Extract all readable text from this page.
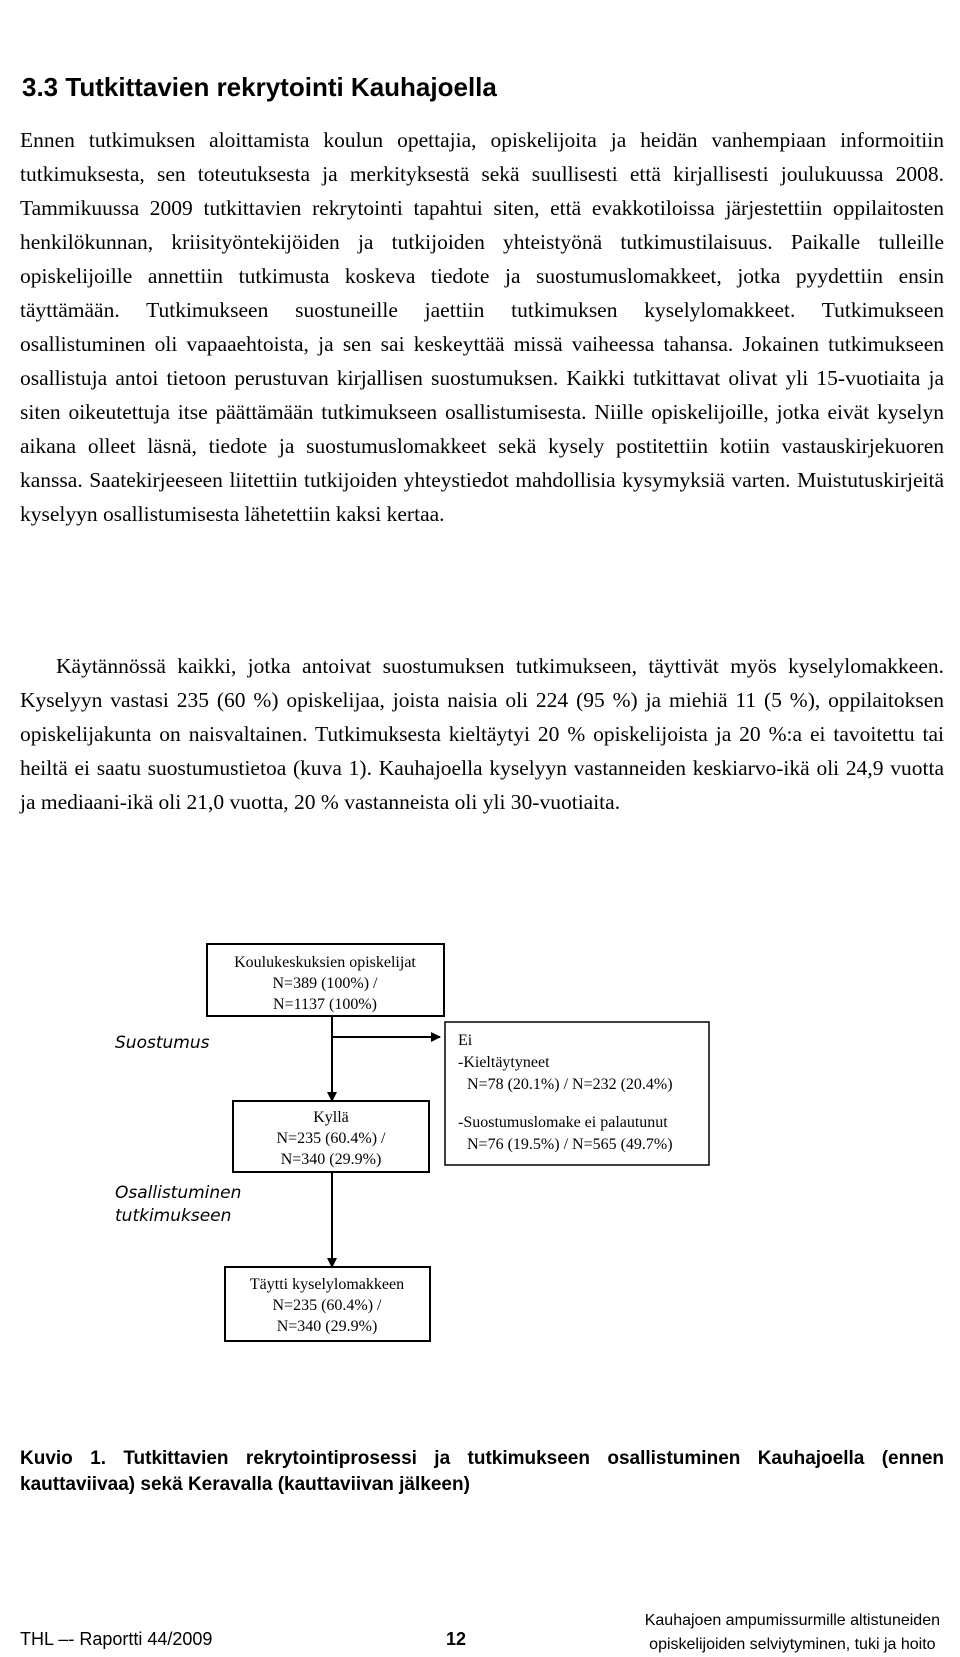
3.3 Tutkittavien rekrytointi Kauhajoella

Ennen tutkimuksen aloittamista koulun opettajia, opiskelijoita ja heidän vanhempiaan informoitiin tutkimuksesta, sen toteutuksesta ja merkityksestä sekä suullisesti että kirjallisesti joulukuussa 2008. Tammikuussa 2009 tutkittavien rekrytointi tapahtui siten, että evakkotiloissa järjestettiin oppilaitosten henkilökunnan, kriisityöntekijöiden ja tutkijoiden yhteistyönä tutkimustilaisuus. Paikalle tulleille opiskelijoille annettiin tutkimusta koskeva tiedote ja suostumuslomakkeet, jotka pyydettiin ensin täyttämään. Tutkimukseen suostuneille jaettiin tutkimuksen kyselylomakkeet. Tutkimukseen osallistuminen oli vapaaehtoista, ja sen sai keskeyttää missä vaiheessa tahansa. Jokainen tutkimukseen osallistuja antoi tietoon perustuvan kirjallisen suostumuksen. Kaikki tutkittavat olivat yli 15-vuotiaita ja siten oikeutettuja itse päättämään tutkimukseen osallistumisesta. Niille opiskelijoille, jotka eivät kyselyn aikana olleet läsnä, tiedote ja suostumuslomakkeet sekä kysely postitettiin kotiin vastauskirjekuoren kanssa. Saatekirjeeseen liitettiin tutkijoiden yhteystiedot mahdollisia kysymyksiä varten. Muistutuskirjeitä kyselyyn osallistumisesta lähetettiin kaksi kertaa.

Käytännössä kaikki, jotka antoivat suostumuksen tutkimukseen, täyttivät myös kyselylomakkeen. Kyselyyn vastasi 235 (60 %) opiskelijaa, joista naisia oli 224 (95 %) ja miehiä 11 (5 %), oppilaitoksen opiskelijakunta on naisvaltainen. Tutkimuksesta kieltäytyi 20 % opiskelijoista ja 20 %:a ei tavoitettu tai heiltä ei saatu suostumustietoa (kuva 1). Kauhajoella kyselyyn vastanneiden keskiarvo-ikä oli 24,9 vuotta ja mediaani-ikä oli 21,0 vuotta, 20 % vastanneista oli yli 30-vuotiaita.

Koulukeskuksien opiskelijat
N=389 (100%) /
N=1137 (100%)
Suostumus	Ei
-Kieltäytyneet
N=78 (20.1%) / N=232 (20.4%)
-Suostumuslomake ei palautunut
N=76 (19.5%) / N=565 (49.7%)
Kyllä
N=235 (60.4%) /
N=340 (29.9%)
Osallistuminen
tutkimukseen
Täytti kyselylomakkeen
N=235 (60.4%) /
N=340 (29.9%)

Kuvio 1. Tutkittavien rekrytointiprosessi ja tutkimukseen osallistuminen Kauhajoella (ennen kauttaviivaa) sekä Keravalla (kauttaviivan jälkeen)

THL –- Raportti 44/2009	12
Kauhajoen ampumissurmille altistuneiden
opiskelijoiden selviytyminen, tuki ja hoito
